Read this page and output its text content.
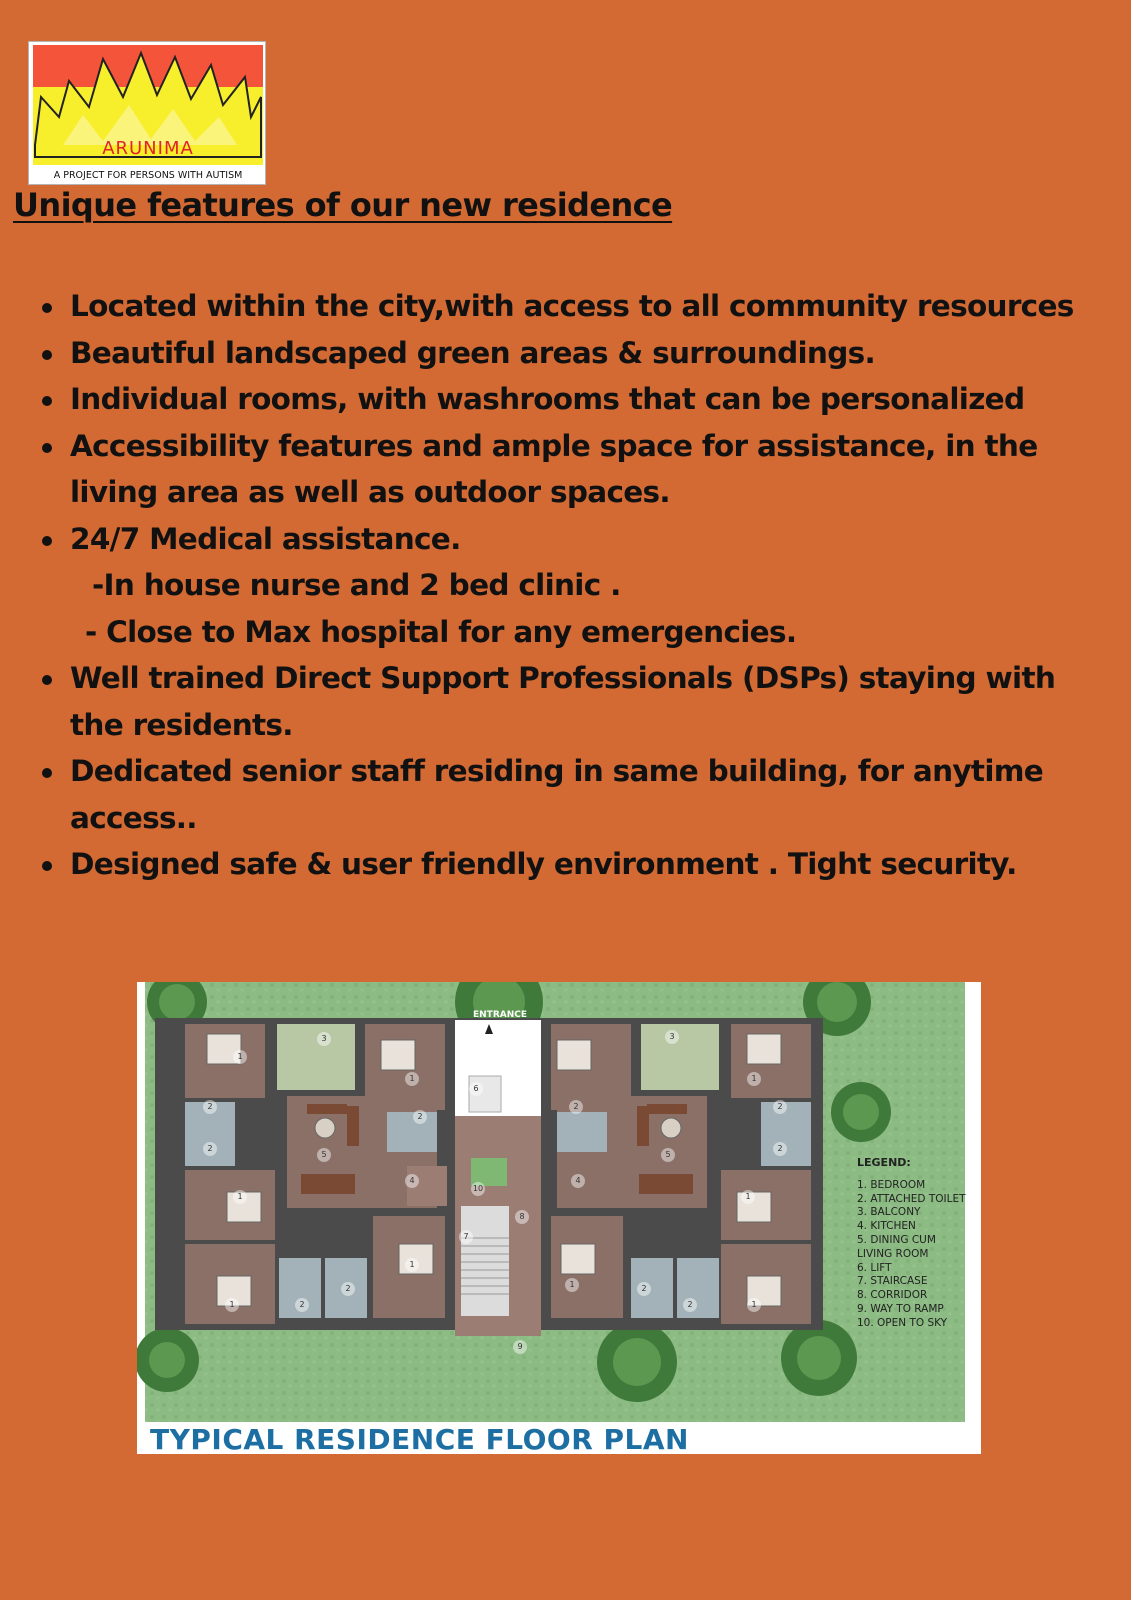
ARUNIMA
A PROJECT FOR PERSONS WITH AUTISM
Unique features of our new residence
Located within the city,with access to all community resources
Beautiful landscaped green areas & surroundings.
Individual rooms, with washrooms that can be personalized
Accessibility features and ample space for assistance, in the
living area as well as outdoor spaces.
24/7 Medical assistance.
-In house nurse and 2 bed clinic .
- Close to Max hospital for any emergencies.
Well trained Direct Support Professionals (DSPs) staying with
the residents.
Dedicated senior staff residing in same building, for anytime
access..
Designed safe & user friendly environment . Tight security.
1
3
1
2
2
2
5
4
1
1	2
2
1
6
10
8
7
9
3
2
4
5
1
2
2
1
1	2
2	1
ENTRANCE
LEGEND:
1. BEDROOM
2. ATTACHED TOILET
3. BALCONY
4. KITCHEN
5. DINING CUM
LIVING ROOM
6. LIFT
7. STAIRCASE
8. CORRIDOR
9. WAY TO RAMP
10. OPEN TO SKY
TYPICAL RESIDENCE FLOOR PLAN
